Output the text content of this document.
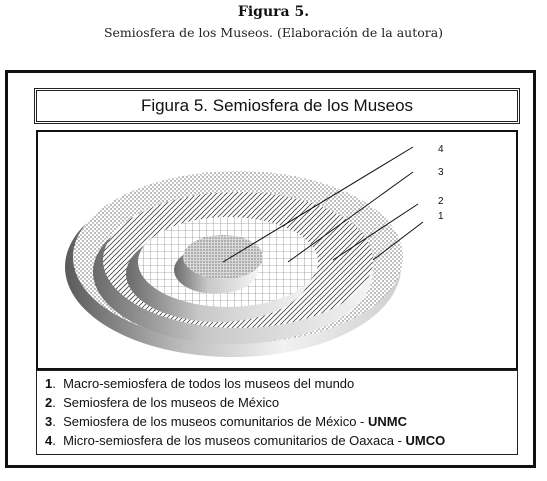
Figura 5.
Semiosfera de los Museos. (Elaboración de la autora)
Figura 5. Semiosfera de los Museos
4
3
2
1
1.  Macro-semiosfera de todos los museos del mundo
2.  Semiosfera de los museos de México
3.  Semiosfera de los museos comunitarios de México - UNMC
4.  Micro-semiosfera de los museos comunitarios de Oaxaca - UMCO
